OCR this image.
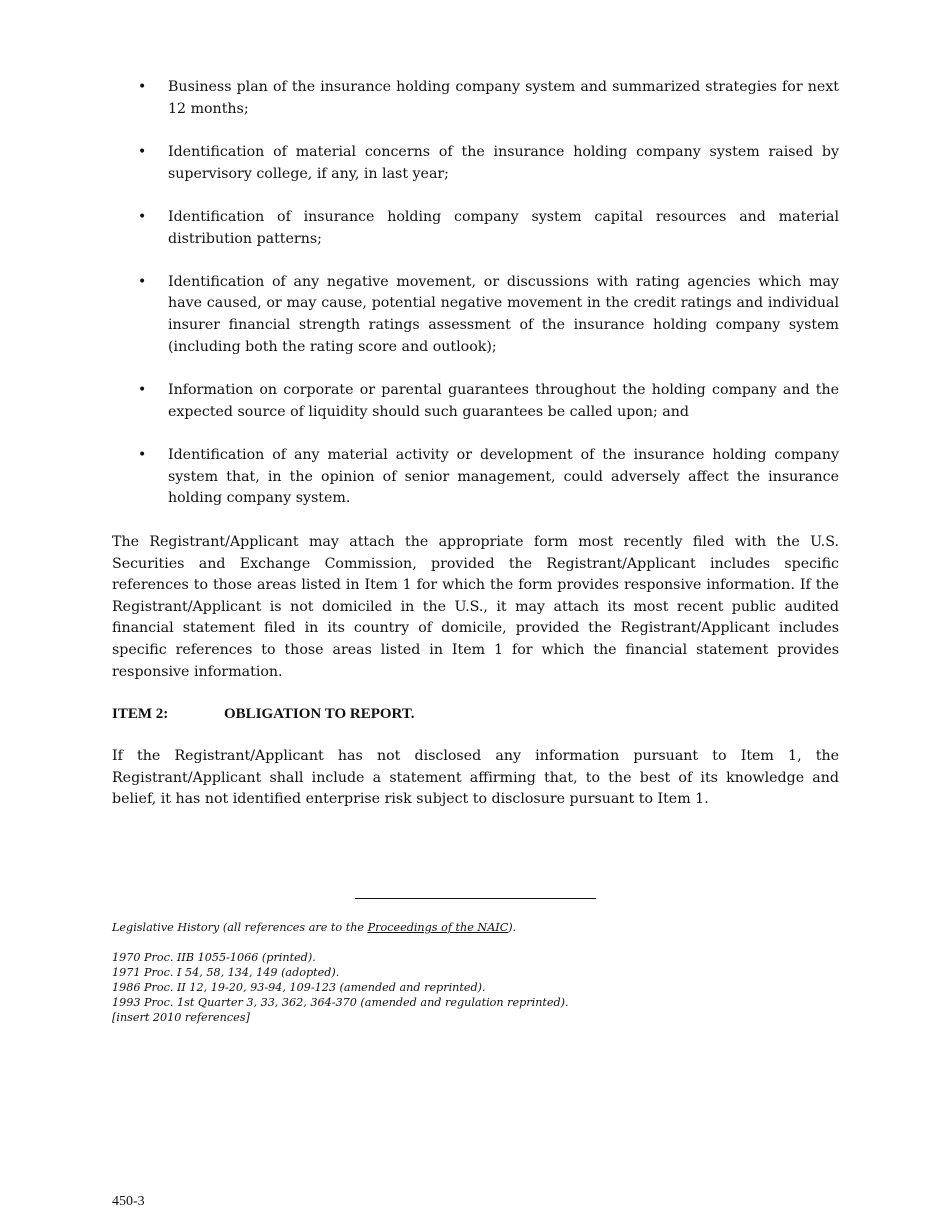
• Business plan of the insurance holding company system and summarized strategies for next 12 months;
• Identification of material concerns of the insurance holding company system raised by supervisory college, if any, in last year;
• Identification of insurance holding company system capital resources and material distribution patterns;
• Identification of any negative movement, or discussions with rating agencies which may have caused, or may cause, potential negative movement in the credit ratings and individual insurer financial strength ratings assessment of the insurance holding company system (including both the rating score and outlook);
• Information on corporate or parental guarantees throughout the holding company and the expected source of liquidity should such guarantees be called upon; and
• Identification of any material activity or development of the insurance holding company system that, in the opinion of senior management, could adversely affect the insurance holding company system.

The Registrant/Applicant may attach the appropriate form most recently filed with the U.S. Securities and Exchange Commission, provided the Registrant/Applicant includes specific references to those areas listed in Item 1 for which the form provides responsive information. If the Registrant/Applicant is not domiciled in the U.S., it may attach its most recent public audited financial statement filed in its country of domicile, provided the Registrant/Applicant includes specific references to those areas listed in Item 1 for which the financial statement provides responsive information.

ITEM 2:	OBLIGATION TO REPORT.

If the Registrant/Applicant has not disclosed any information pursuant to Item 1, the Registrant/Applicant shall include a statement affirming that, to the best of its knowledge and belief, it has not identified enterprise risk subject to disclosure pursuant to Item 1.

Legislative History (all references are to the Proceedings of the NAIC).

1970 Proc. IIB 1055-1066 (printed).
1971 Proc. I 54, 58, 134, 149 (adopted).
1986 Proc. II 12, 19-20, 93-94, 109-123 (amended and reprinted).
1993 Proc. 1st Quarter 3, 33, 362, 364-370 (amended and regulation reprinted).
[insert 2010 references]

450-3
